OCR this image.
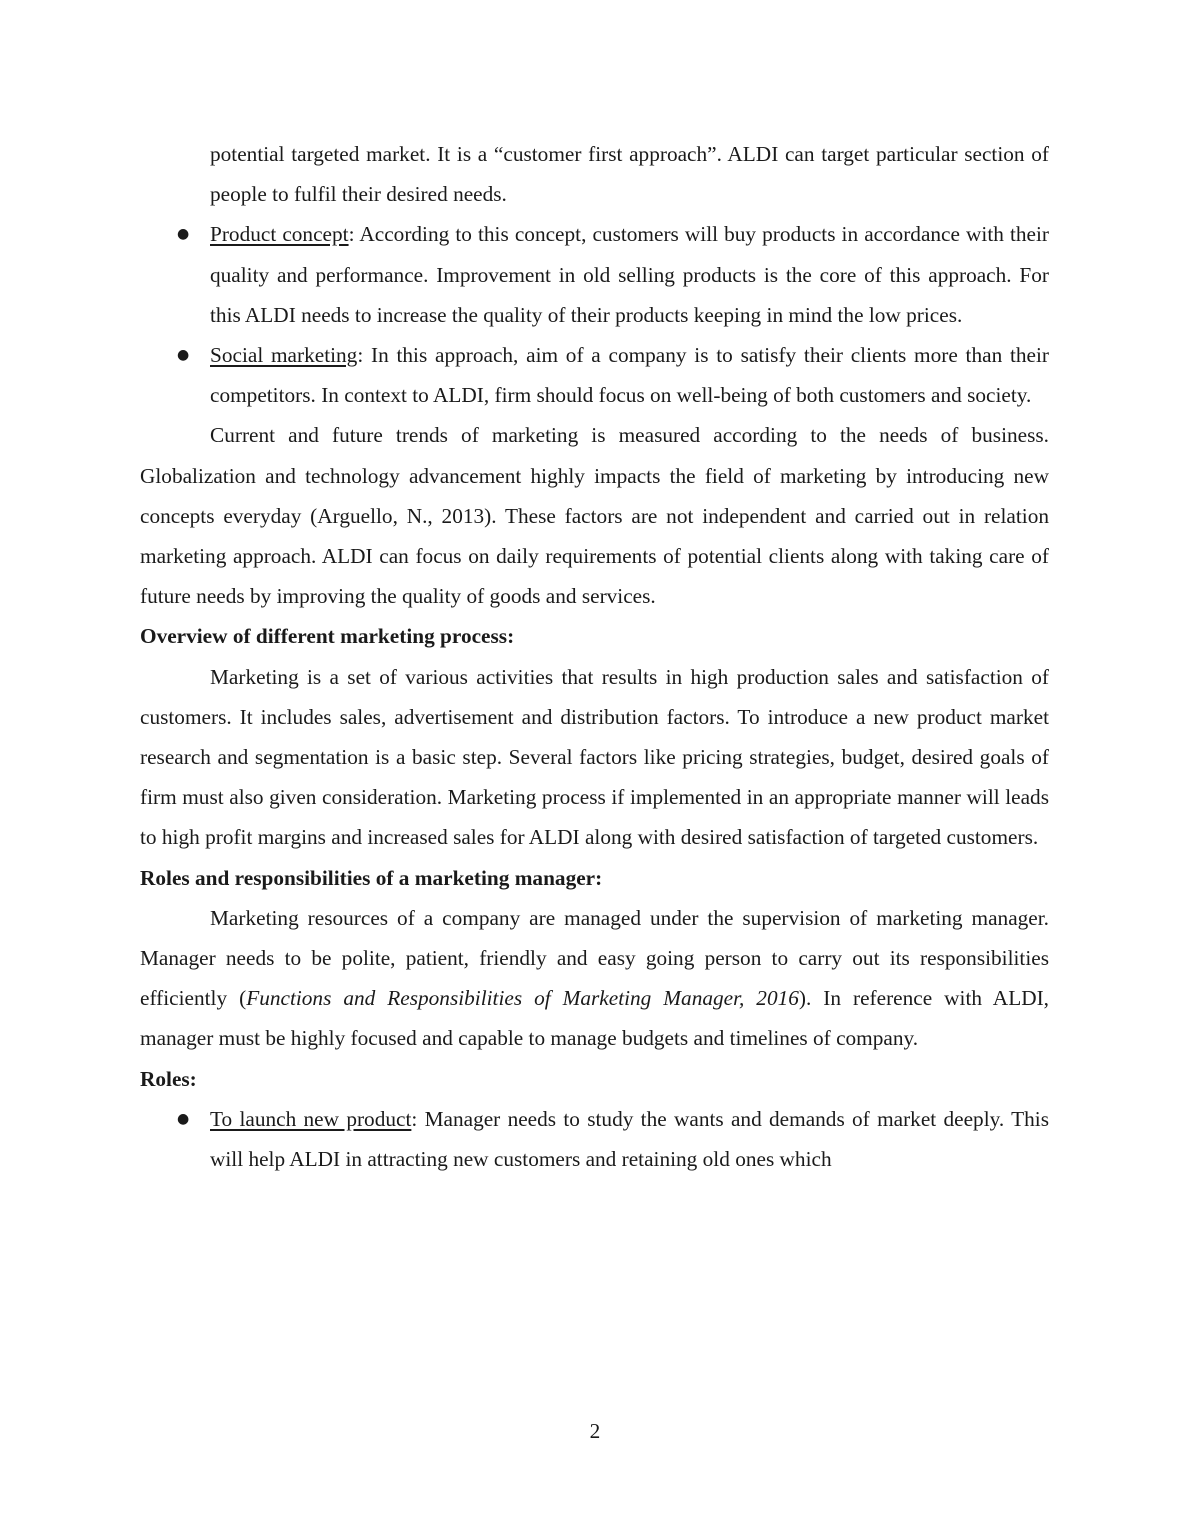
potential targeted market. It is a “customer first approach”. ALDI can target particular section of people to fulfil their desired needs.
● Product concept: According to this concept, customers will buy products in accordance with their quality and performance. Improvement in old selling products is the core of this approach. For this ALDI needs to increase the quality of their products keeping in mind the low prices.
● Social marketing: In this approach, aim of a company is to satisfy their clients more than their competitors. In context to ALDI, firm should focus on well-being of both customers and society.

Current and future trends of marketing is measured according to the needs of business. Globalization and technology advancement highly impacts the field of marketing by introducing new concepts everyday (Arguello, N., 2013). These factors are not independent and carried out in relation marketing approach. ALDI can focus on daily requirements of potential clients along with taking care of future needs by improving the quality of goods and services.

Overview of different marketing process:

Marketing is a set of various activities that results in high production sales and satisfaction of customers. It includes sales, advertisement and distribution factors. To introduce a new product market research and segmentation is a basic step. Several factors like pricing strategies, budget, desired goals of firm must also given consideration. Marketing process if implemented in an appropriate manner will leads to high profit margins and increased sales for ALDI along with desired satisfaction of targeted customers.

Roles and responsibilities of a marketing manager:

Marketing resources of a company are managed under the supervision of marketing manager. Manager needs to be polite, patient, friendly and easy going person to carry out its responsibilities efficiently (Functions and Responsibilities of Marketing Manager, 2016). In reference with ALDI, manager must be highly focused and capable to manage budgets and timelines of company.

Roles:

● To launch new product: Manager needs to study the wants and demands of market deeply. This will help ALDI in attracting new customers and retaining old ones which
2
